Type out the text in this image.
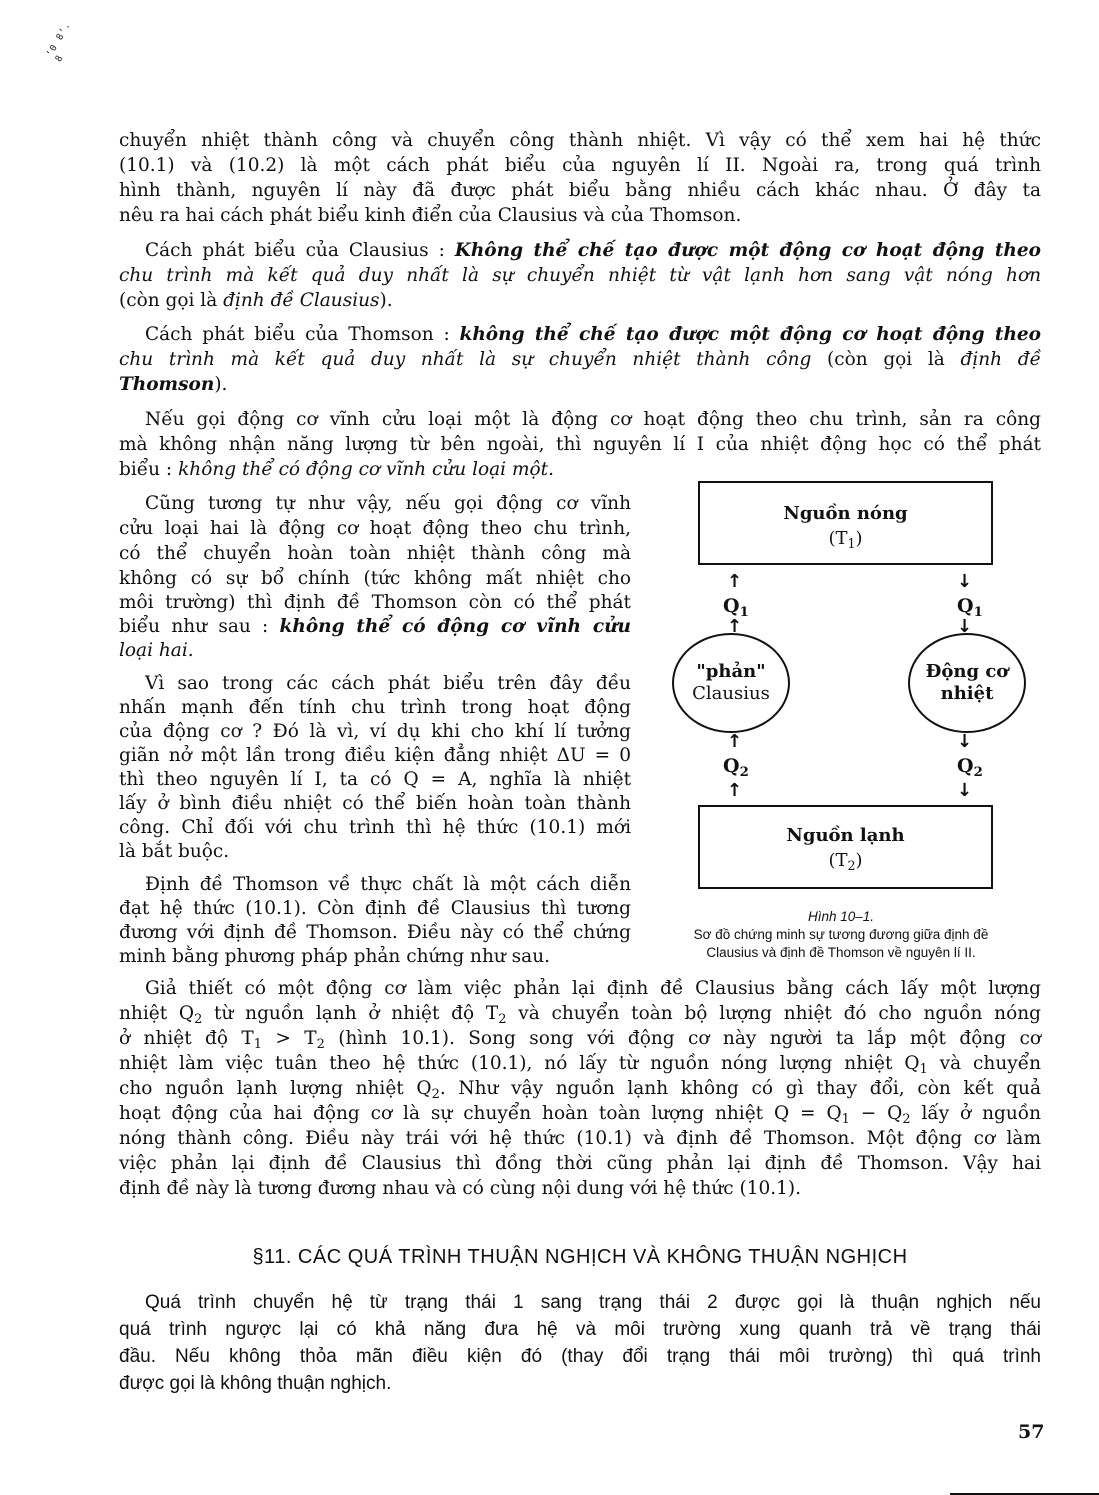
ʼ0 8ʼ. 8
chuyển nhiệt thành công và chuyển công thành nhiệt. Vì vậy có thể xem hai hệ thức
(10.1) và (10.2) là một cách phát biểu của nguyên lí II. Ngoài ra, trong quá trình
hình thành, nguyên lí này đã được phát biểu bằng nhiều cách khác nhau. Ở đây ta
nêu ra hai cách phát biểu kinh điển của Clausius và của Thomson.
Cách phát biểu của Clausius : Không thể chế tạo được một động cơ hoạt động theo
chu trình mà kết quả duy nhất là sự chuyển nhiệt từ vật lạnh hơn sang vật nóng hơn
(còn gọi là định đề Clausius).
Cách phát biểu của Thomson : không thể chế tạo được một động cơ hoạt động theo
chu trình mà kết quả duy nhất là sự chuyển nhiệt thành công (còn gọi là định đề
Thomson).
Nếu gọi động cơ vĩnh cửu loại một là động cơ hoạt động theo chu trình, sản ra công
mà không nhận năng lượng từ bên ngoài, thì nguyên lí I của nhiệt động học có thể phát
biểu : không thể có động cơ vĩnh cửu loại một.
Cũng tương tự như vậy, nếu gọi động cơ vĩnh
cửu loại hai là động cơ hoạt động theo chu trình,
có thể chuyển hoàn toàn nhiệt thành công mà
không có sự bổ chính (tức không mất nhiệt cho
môi trường) thì định đề Thomson còn có thể phát
biểu như sau : không thể có động cơ vĩnh cửu
loại hai.
Vì sao trong các cách phát biểu trên đây đều
nhấn mạnh đến tính chu trình trong hoạt động
của động cơ ? Đó là vì, ví dụ khi cho khí lí tưởng
giãn nở một lần trong điều kiện đẳng nhiệt ΔU = 0
thì theo nguyên lí I, ta có Q = A, nghĩa là nhiệt
lấy ở bình điều nhiệt có thể biến hoàn toàn thành
công. Chỉ đối với chu trình thì hệ thức (10.1) mới
là bắt buộc.
Định đề Thomson về thực chất là một cách diễn
đạt hệ thức (10.1). Còn định đề Clausius thì tương
đương với định đề Thomson. Điều này có thể chứng
minh bằng phương pháp phản chứng như sau.
Nguồn nóng
$(T_1)$
↑
$Q_1$
↑
↓
$Q_1$
↓
"phản"
Clausius
Động cơ
nhiệt
↑
$Q_2$
↑
↓
$Q_2$
↓
Nguồn lạnh
$(T_2)$
Hình 10–1.
Sơ đồ chứng minh sự tương đương giữa định đề
Clausius và định đề Thomson về nguyên lí II.
Giả thiết có một động cơ làm việc phản lại định đề Clausius bằng cách lấy một lượng
nhiệt $Q_2$ từ nguồn lạnh ở nhiệt độ $T_2$ và chuyển toàn bộ lượng nhiệt đó cho nguồn nóng
ở nhiệt độ $T_1 > T_2$ (hình 10.1). Song song với động cơ này người ta lắp một động cơ
nhiệt làm việc tuân theo hệ thức (10.1), nó lấy từ nguồn nóng lượng nhiệt $Q_1$ và chuyển
cho nguồn lạnh lượng nhiệt $Q_2$. Như vậy nguồn lạnh không có gì thay đổi, còn kết quả
hoạt động của hai động cơ là sự chuyển hoàn toàn lượng nhiệt $Q = Q_1 - Q_2$ lấy ở nguồn
nóng thành công. Điều này trái với hệ thức (10.1) và định đề Thomson. Một động cơ làm
việc phản lại định đề Clausius thì đồng thời cũng phản lại định đề Thomson. Vậy hai
định đề này là tương đương nhau và có cùng nội dung với hệ thức (10.1).
§11. CÁC QUÁ TRÌNH THUẬN NGHỊCH VÀ KHÔNG THUẬN NGHỊCH
Quá trình chuyển hệ từ trạng thái 1 sang trạng thái 2 được gọi là thuận nghịch nếu
quá trình ngược lại có khả năng đưa hệ và môi trường xung quanh trả về trạng thái
đầu. Nếu không thỏa mãn điều kiện đó (thay đổi trạng thái môi trường) thì quá trình
được gọi là không thuận nghịch.
57
